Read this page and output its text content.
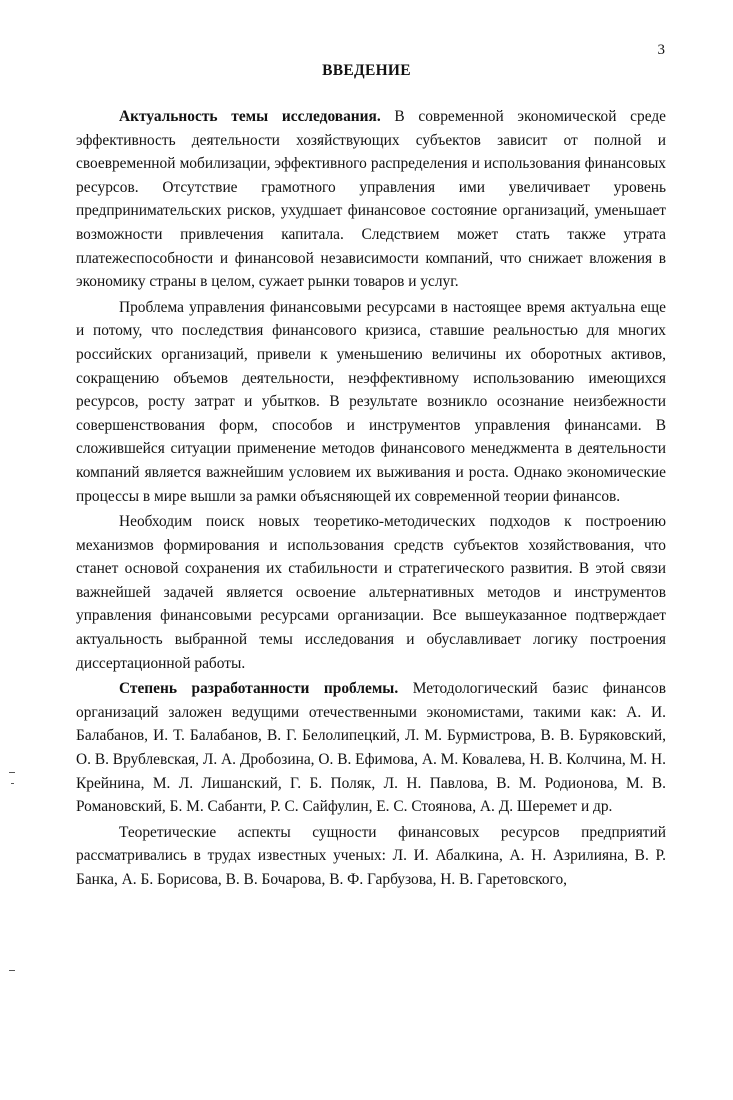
3
ВВЕДЕНИЕ

Актуальность темы исследования. В современной экономической среде эффективность деятельности хозяйствующих субъектов зависит от полной и своевременной мобилизации, эффективного распределения и использования финансовых ресурсов. Отсутствие грамотного управления ими увеличивает уровень предпринимательских рисков, ухудшает финансовое состояние организаций, уменьшает возможности привлечения капитала. Следствием может стать также утрата платежеспособности и финансовой независимости компаний, что снижает вложения в экономику страны в целом, сужает рынки товаров и услуг.

Проблема управления финансовыми ресурсами в настоящее время актуальна еще и потому, что последствия финансового кризиса, ставшие реальностью для многих российских организаций, привели к уменьшению величины их оборотных активов, сокращению объемов деятельности, неэффективному использованию имеющихся ресурсов, росту затрат и убытков. В результате возникло осознание неизбежности совершенствования форм, способов и инструментов управления финансами. В сложившейся ситуации применение методов финансового менеджмента в деятельности компаний является важнейшим условием их выживания и роста. Однако экономические процессы в мире вышли за рамки объясняющей их современной теории финансов.

Необходим поиск новых теоретико-методических подходов к построению механизмов формирования и использования средств субъектов хозяйствования, что станет основой сохранения их стабильности и стратегического развития. В этой связи важнейшей задачей является освоение альтернативных методов и инструментов управления финансовыми ресурсами организации. Все вышеуказанное подтверждает актуальность выбранной темы исследования и обуславливает логику построения диссертационной работы.

Степень разработанности проблемы. Методологический базис финансов организаций заложен ведущими отечественными экономистами, такими как: А. И. Балабанов, И. Т. Балабанов, В. Г. Белолипецкий, Л. М. Бурмистрова, В. В. Буряковский, О. В. Врублевская, Л. А. Дробозина, О. В. Ефимова, А. М. Ковалева, Н. В. Колчина, М. Н. Крейнина, М. Л. Лишанский, Г. Б. Поляк, Л. Н. Павлова, В. М. Родионова, М. В. Романовский, Б. М. Сабанти, Р. С. Сайфулин, Е. С. Стоянова, А. Д. Шеремет и др.

Теоретические аспекты сущности финансовых ресурсов предприятий рассматривались в трудах известных ученых: Л. И. Абалкина, А. Н. Азрилияна, В. Р. Банка, А. Б. Борисова, В. В. Бочарова, В. Ф. Гарбузова, Н. В. Гаретовского,
